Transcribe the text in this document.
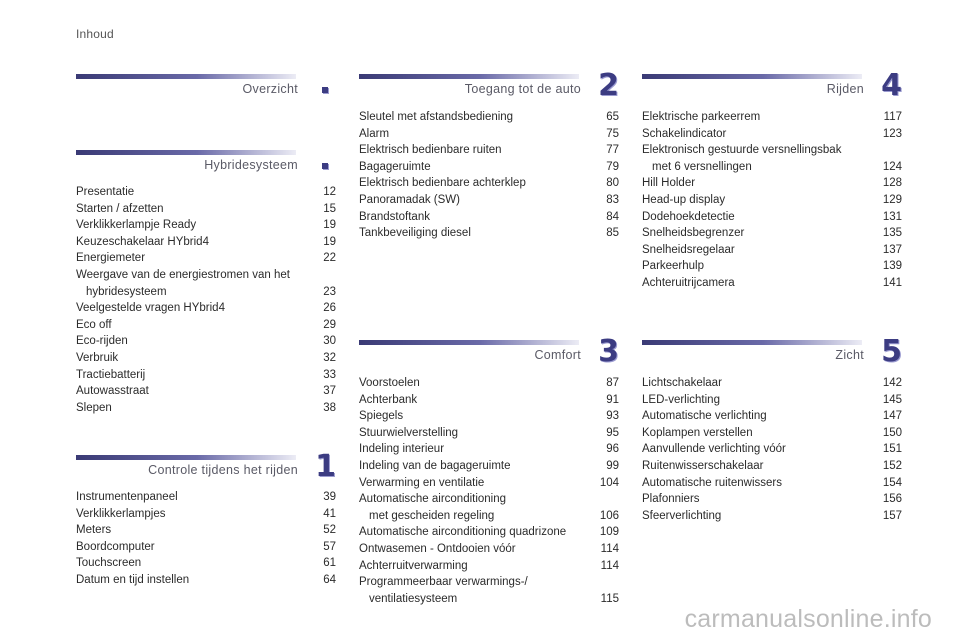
Inhoud
Overzicht
Hybridesysteem
Presentatie	12
Starten / afzetten	15
Verklikkerlampje Ready	19
Keuzeschakelaar HYbrid4	19
Energiemeter	22
Weergave van de energiestromen van het
hybridesysteem	23
Veelgestelde vragen HYbrid4	26
Eco off	29
Eco-rijden	30
Verbruik	32
Tractiebatterij	33
Autowasstraat	37
Slepen	38
Controle tijdens het rijden 1
Instrumentenpaneel	39
Verklikkerlampjes	41
Meters	52
Boordcomputer	57
Touchscreen	61
Datum en tijd instellen	64
Toegang tot de auto 2
Sleutel met afstandsbediening	65
Alarm	75
Elektrisch bedienbare ruiten	77
Bagageruimte	79
Elektrisch bedienbare achterklep	80
Panoramadak (SW)	83
Brandstoftank	84
Tankbeveiliging diesel	85
Comfort 3
Voorstoelen	87
Achterbank	91
Spiegels	93
Stuurwielverstelling	95
Indeling interieur	96
Indeling van de bagageruimte	99
Verwarming en ventilatie	104
Automatische airconditioning
met gescheiden regeling	106
Automatische airconditioning quadrizone	109
Ontwasemen - Ontdooien vóór	114
Achterruitverwarming	114
Programmeerbaar verwarmings-/
ventilatiesysteem	115
Rijden 4
Elektrische parkeerrem	117
Schakelindicator	123
Elektronisch gestuurde versnellingsbak
met 6 versnellingen	124
Hill Holder	128
Head-up display	129
Dodehoekdetectie	131
Snelheidsbegrenzer	135
Snelheidsregelaar	137
Parkeerhulp	139
Achteruitrijcamera	141
Zicht 5
Lichtschakelaar	142
LED-verlichting	145
Automatische verlichting	147
Koplampen verstellen	150
Aanvullende verlichting vóór	151
Ruitenwisserschakelaar	152
Automatische ruitenwissers	154
Plafonniers	156
Sfeerverlichting	157
carmanualsonline.info
